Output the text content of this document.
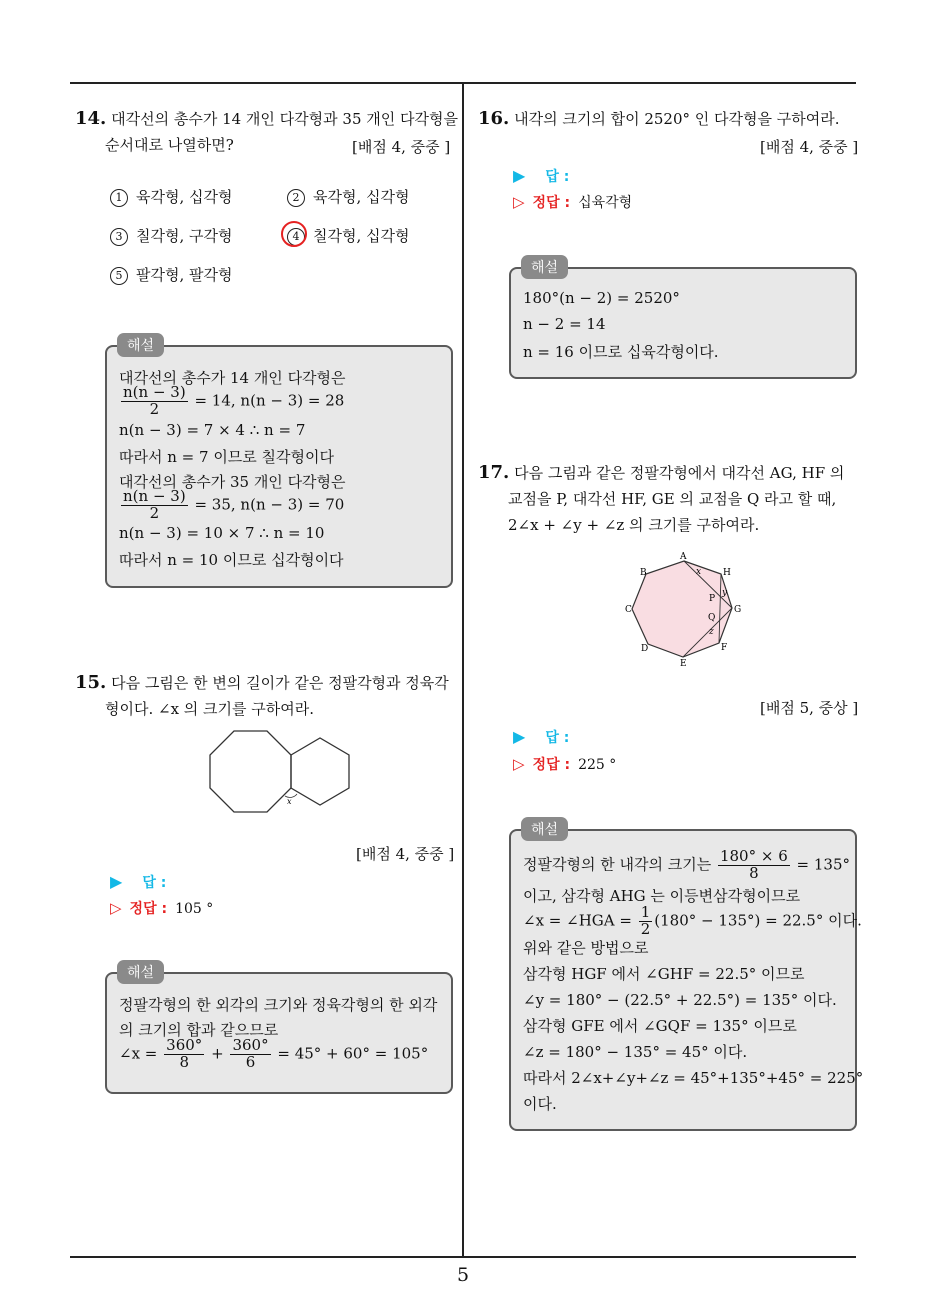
14. 대각선의 총수가 14 개인 다각형과 35 개인 다각형을
순서대로 나열하면?	[배점 4, 중중 ]
1 육각형, 십각형	2 육각형, 십각형
3 칠각형, 구각형	4 칠각형, 십각형
5 팔각형, 팔각형
대각선의 총수가 14 개인 다각형은
$\frac{n(n - 3)}{2} = 14$, n(n − 3) = 28
n(n − 3) = 7 × 4 ∴ n = 7
따라서 n = 7 이므로 칠각형이다
대각선의 총수가 35 개인 다각형은
$\frac{n(n - 3)}{2} = 35$, n(n − 3) = 70
n(n − 3) = 10 × 7 ∴ n = 10
따라서 n = 10 이므로 십각형이다
해설
15. 다음 그림은 한 변의 길이가 같은 정팔각형과 정육각
형이다. ∠x 의 크기를 구하여라.
x
[배점 4, 중중 ]
▶ 답 :
▷ 정답 : 105 °
정팔각형의 한 외각의 크기와 정육각형의 한 외각
의 크기의 합과 같으므로
∠x = $\frac{360^\circ}{8} + \frac{360^\circ}{6} = 45^\circ + 60^\circ = 105^\circ$
해설
16. 내각의 크기의 합이 2520° 인 다각형을 구하여라.
[배점 4, 중중 ]
▶ 답 :
▷ 정답 : 십육각형
180°(n − 2) = 2520°
n − 2 = 14
n = 16 이므로 십육각형이다.
해설
17. 다음 그림과 같은 정팔각형에서 대각선 AG, HF 의
교점을 P, 대각선 HF, GE 의 교점을 Q 라고 할 때,
2∠x + ∠y + ∠z 의 크기를 구하여라.
A
H
G
F
E
D
C
B
P
Q
x
y
z
[배점 5, 중상 ]
▶ 답 :
▷ 정답 : 225 °
정팔각형의 한 내각의 크기는 $\frac{180^\circ \times 6}{8} = 135^\circ$
이고, 삼각형 AHG 는 이등변삼각형이므로
∠x = ∠HGA = $\frac{1}{2} (180^\circ - 135^\circ) = 22.5^\circ$ 이다.
위와 같은 방법으로
삼각형 HGF 에서 ∠GHF = 22.5° 이므로
∠y = 180° − (22.5° + 22.5°) = 135° 이다.
삼각형 GFE 에서 ∠GQF = 135° 이므로
∠z = 180° − 135° = 45° 이다.
따라서 2∠x+∠y+∠z = 45°+135°+45° = 225°
이다.
해설
5
